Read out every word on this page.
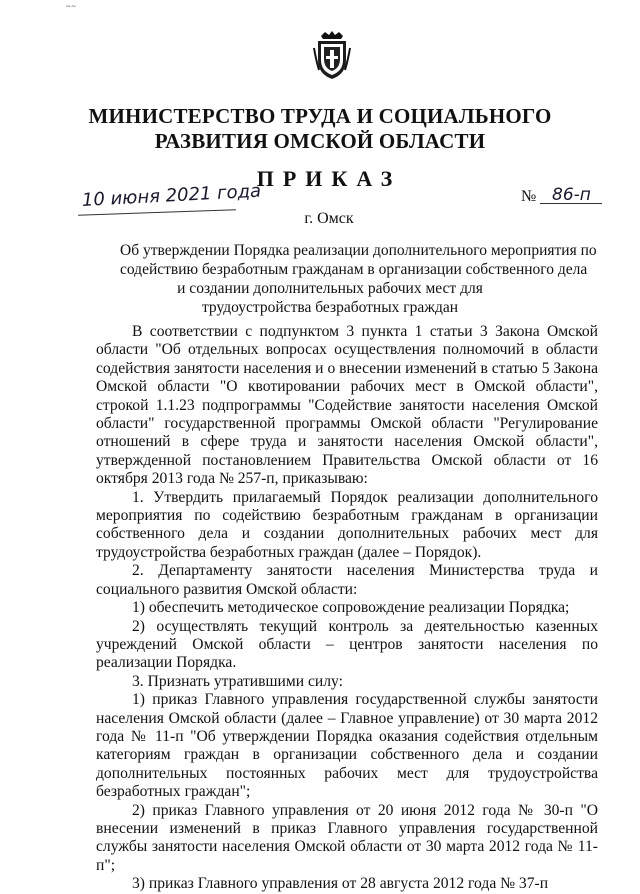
~~
МИНИСТЕРСТВО ТРУДА И СОЦИАЛЬНОГО
РАЗВИТИЯ ОМСКОЙ ОБЛАСТИ
ПРИКАЗ
10 июня 2021 года	№ 86-п
г. Омск
Об утверждении Порядка реализации дополнительного мероприятия по
содействию безработным гражданам в организации собственного дела
и создании дополнительных рабочих мест для
трудоустройства безработных граждан

В соответствии с подпунктом 3 пункта 1 статьи 3 Закона Омской области "Об отдельных вопросах осуществления полномочий в области содействия занятости населения и о внесении изменений в статью 5 Закона Омской области "О квотировании рабочих мест в Омской области", строкой 1.1.23 подпрограммы "Содействие занятости населения Омской области" государственной программы Омской области "Регулирование отношений в сфере труда и занятости населения Омской области", утвержденной постановлением Правительства Омской области от 16 октября 2013 года № 257-п, приказываю:

1. Утвердить прилагаемый Порядок реализации дополнительного мероприятия по содействию безработным гражданам в организации собственного дела и создании дополнительных рабочих мест для трудоустройства безработных граждан (далее – Порядок).

2. Департаменту занятости населения Министерства труда и социального развития Омской области:

1) обеспечить методическое сопровождение реализации Порядка;

2) осуществлять текущий контроль за деятельностью казенных учреждений Омской области – центров занятости населения по реализации Порядка.

3. Признать утратившими силу:

1) приказ Главного управления государственной службы занятости населения Омской области (далее – Главное управление) от 30 марта 2012 года № 11-п "Об утверждении Порядка оказания содействия отдельным категориям граждан в организации собственного дела и создании дополнительных постоянных рабочих мест для трудоустройства безработных граждан";

2) приказ Главного управления от 20 июня 2012 года № 30-п "О внесении изменений в приказ Главного управления государственной службы занятости населения Омской области от 30 марта 2012 года № 11-п";

3) приказ Главного управления от 28 августа 2012 года № 37-п
